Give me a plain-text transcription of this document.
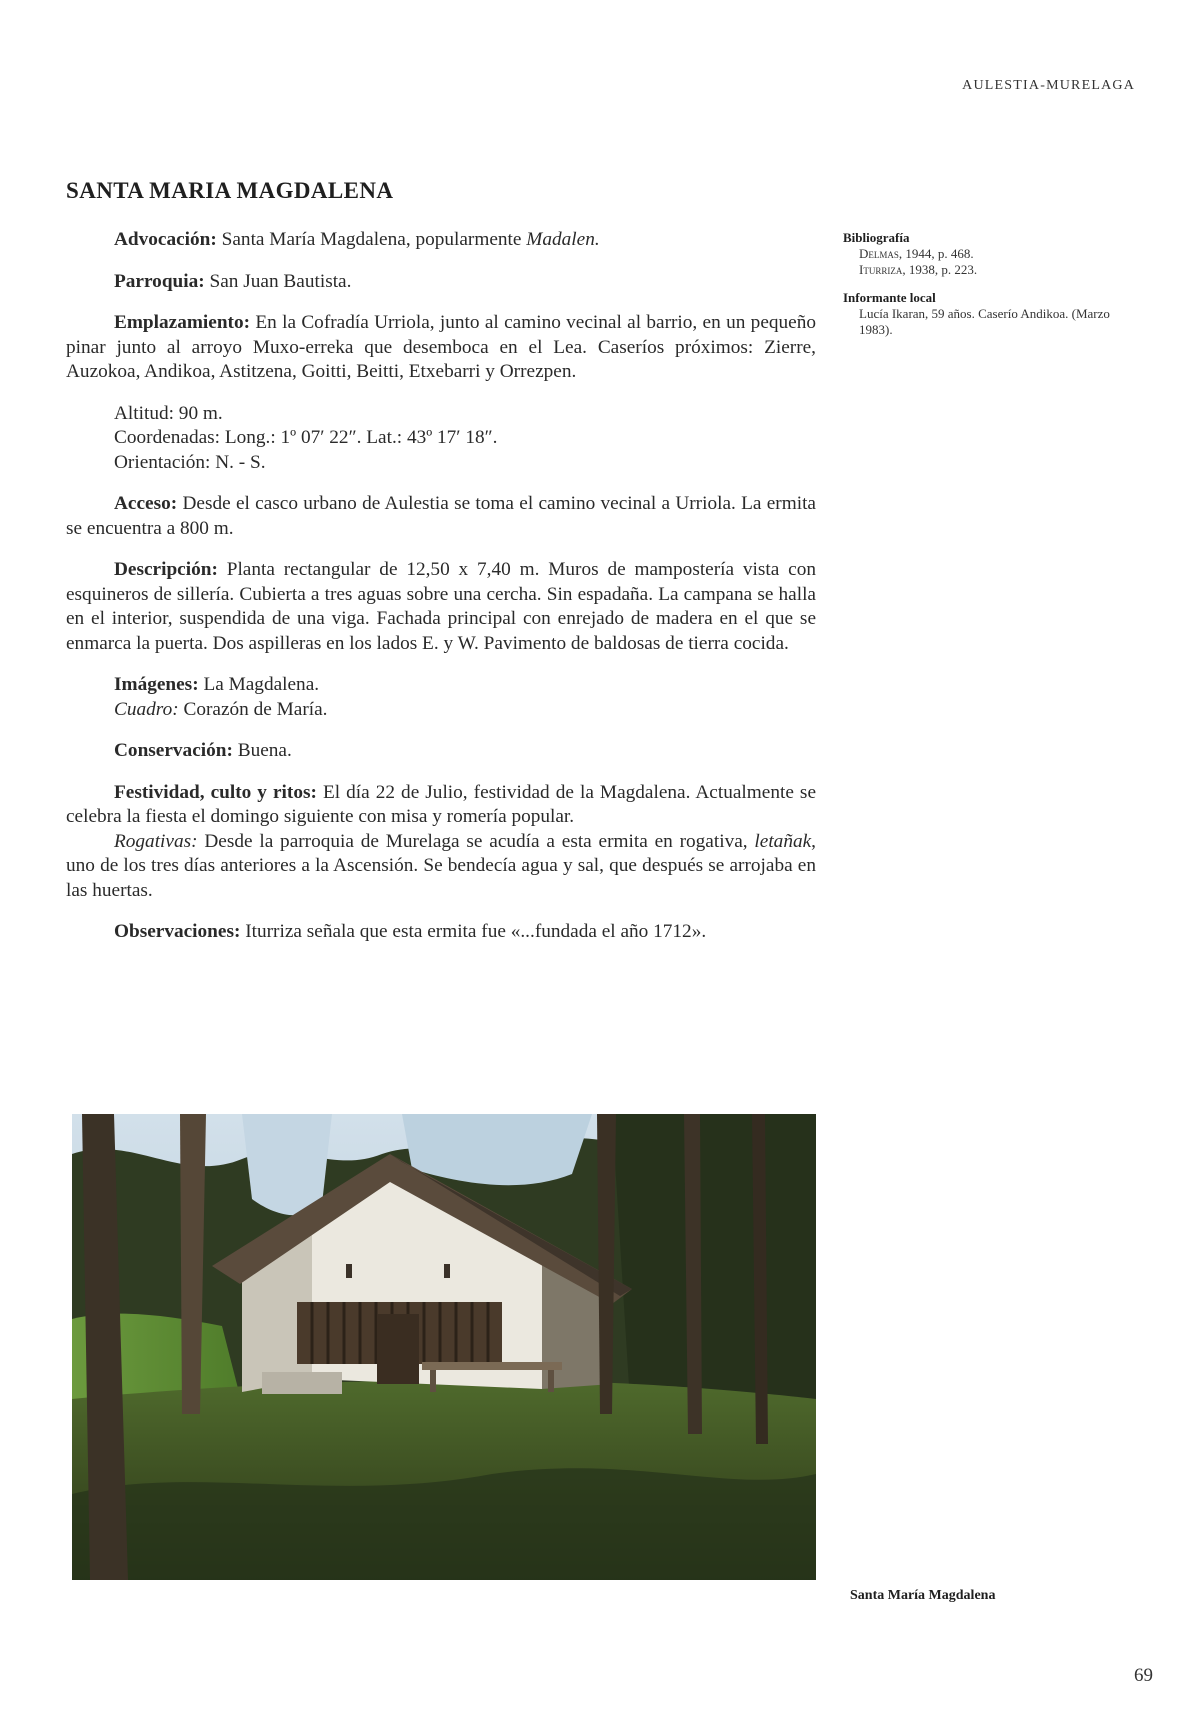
AULESTIA-MURELAGA
SANTA MARIA MAGDALENA

Advocación: Santa María Magdalena, popularmente Madalen.

Parroquia: San Juan Bautista.

Emplazamiento: En la Cofradía Urriola, junto al camino vecinal al barrio, en un pequeño pinar junto al arroyo Muxo-erreka que desemboca en el Lea. Caseríos próximos: Zierre, Auzokoa, Andikoa, Astitzena, Goitti, Beitti, Etxebarri y Orrezpen.

Altitud: 90 m.

Coordenadas: Long.: 1º 07′ 22″. Lat.: 43º 17′ 18″.

Orientación: N. - S.

Acceso: Desde el casco urbano de Aulestia se toma el camino vecinal a Urriola. La ermita se encuentra a 800 m.

Descripción: Planta rectangular de 12,50 x 7,40 m. Muros de mampostería vista con esquineros de sillería. Cubierta a tres aguas sobre una cercha. Sin espadaña. La campana se halla en el interior, suspendida de una viga. Fachada principal con enrejado de madera en el que se enmarca la puerta. Dos aspilleras en los lados E. y W. Pavimento de baldosas de tierra cocida.

Imágenes: La Magdalena.

Cuadro: Corazón de María.

Conservación: Buena.

Festividad, culto y ritos: El día 22 de Julio, festividad de la Magdalena. Actualmente se celebra la fiesta el domingo siguiente con misa y romería popular.

Rogativas: Desde la parroquia de Murelaga se acudía a esta ermita en rogativa, letañak, uno de los tres días anteriores a la Ascensión. Se bendecía agua y sal, que después se arrojaba en las huertas.

Observaciones: Iturriza señala que esta ermita fue «...fundada el año 1712».

Bibliografía
Delmas, 1944, p. 468.
Iturriza, 1938, p. 223.
Informante local
Lucía Ikaran, 59 años. Caserío Andikoa. (Marzo 1983).
Santa María Magdalena
69
